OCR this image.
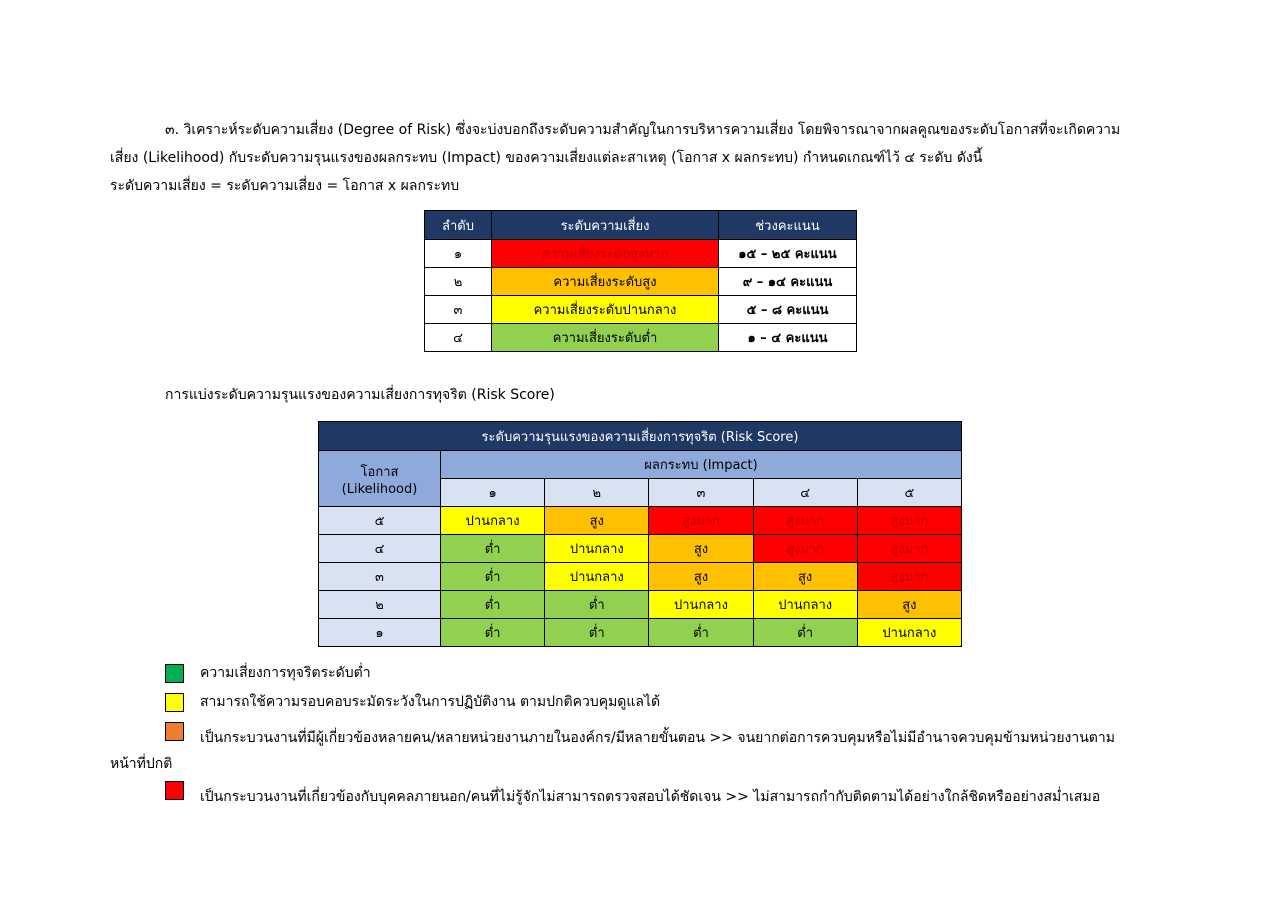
๓. วิเคราะห์ระดับความเสี่ยง (Degree of Risk) ซึ่งจะบ่งบอกถึงระดับความสำคัญในการบริหารความเสี่ยง โดยพิจารณาจากผลคูณของระดับโอกาสที่จะเกิดความ
เสี่ยง (Likelihood) กับระดับความรุนแรงของผลกระทบ (Impact) ของความเสี่ยงแต่ละสาเหตุ (โอกาส x ผลกระทบ) กำหนดเกณฑ์ไว้ ๔ ระดับ ดังนี้
ระดับความเสี่ยง = ระดับความเสี่ยง = โอกาส x ผลกระทบ
ลำดับ	ระดับความเสี่ยง	ช่วงคะแนน
๑	ความเสี่ยงระดับสูงมาก	๑๕ – ๒๕ คะแนน
๒	ความเสี่ยงระดับสูง	๙ – ๑๔ คะแนน
๓	ความเสี่ยงระดับปานกลาง	๕ – ๘ คะแนน
๔	ความเสี่ยงระดับต่ำ	๑ – ๔ คะแนน
การแบ่งระดับความรุนแรงของความเสี่ยงการทุจริต (Risk Score)
ระดับความรุนแรงของความเสี่ยงการทุจริต (Risk Score)					

โอกาส
(Likelihood)	ผลกระทบ (Impact)				
	๑	๒	๓	๔	๕
๕	ปานกลาง	สูง	สูงมาก	สูงมาก	สูงมาก
๔	ต่ำ	ปานกลาง	สูง	สูงมาก	สูงมาก
๓	ต่ำ	ปานกลาง	สูง	สูง	สูงมาก
๒	ต่ำ	ต่ำ	ปานกลาง	ปานกลาง	สูง
๑	ต่ำ	ต่ำ	ต่ำ	ต่ำ	ปานกลาง
ความเสี่ยงการทุจริตระดับต่ำ
สามารถใช้ความรอบคอบระมัดระวังในการปฏิบัติงาน ตามปกติควบคุมดูแลได้
เป็นกระบวนงานที่มีผู้เกี่ยวข้องหลายคน/หลายหน่วยงานภายในองค์กร/มีหลายขั้นตอน >> จนยากต่อการควบคุมหรือไม่มีอำนาจควบคุมข้ามหน่วยงานตาม
หน้าที่ปกติ
เป็นกระบวนงานที่เกี่ยวข้องกับบุคคลภายนอก/คนที่ไม่รู้จักไม่สามารถตรวจสอบได้ชัดเจน >> ไม่สามารถกำกับติดตามได้อย่างใกล้ชิดหรืออย่างสม่ำเสมอ
